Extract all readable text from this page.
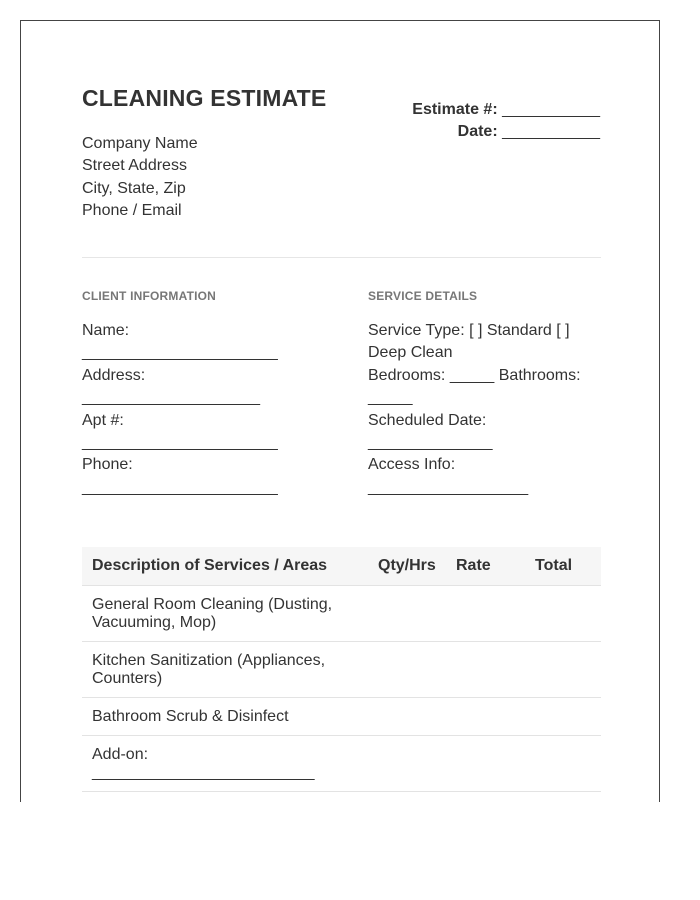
CLEANING ESTIMATE
Company Name
Street Address
City, State, Zip
Phone / Email
Estimate #: ___________
Date: ___________
CLIENT INFORMATION	SERVICE DETAILS
Name: ______________________
Address: ____________________
Apt #: ______________________
Phone: ______________________
Service Type: [ ] Standard [ ] Deep Clean
Bedrooms: _____ Bathrooms: _____
Scheduled Date: ______________
Access Info: __________________
Description of Services / Areas	Qty/Hrs	Rate	Total
General Room Cleaning (Dusting, Vacuuming, Mop)			
Kitchen Sanitization (Appliances, Counters)			
Bathroom Scrub & Disinfect			
Add-on: _________________________			
